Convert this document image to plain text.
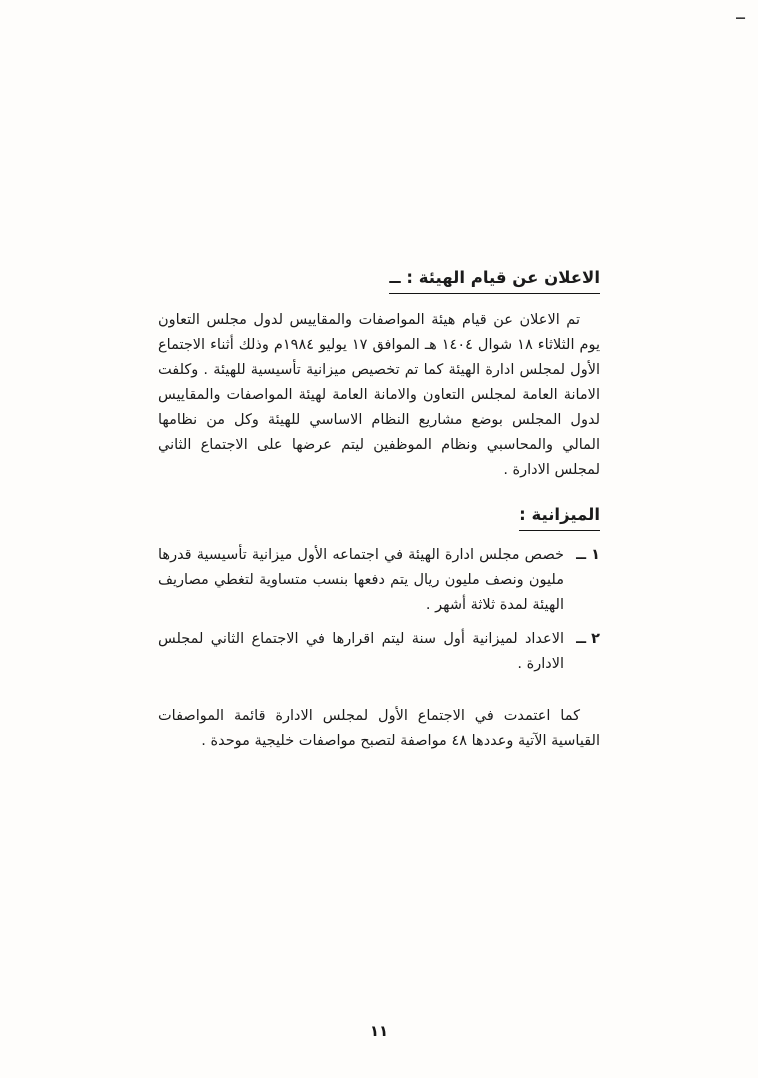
ــ
الاعلان عن قيام الهيئة : ــ

تم الاعلان عن قيام هيئة المواصفات والمقاييس لدول مجلس التعاون يوم الثلاثاء ١٨ شوال ١٤٠٤ هـ الموافق ١٧ يوليو ١٩٨٤م وذلك أثناء الاجتماع الأول لمجلس ادارة الهيئة كما تم تخصيص ميزانية تأسيسية للهيئة . وكلفت الامانة العامة لمجلس التعاون والامانة العامة لهيئة المواصفات والمقاييس لدول المجلس بوضع مشاريع النظام الاساسي للهيئة وكل من نظامها المالي والمحاسبي ونظام الموظفين ليتم عرضها على الاجتماع الثاني لمجلس الادارة .

الميزانية :
١ ــ
خصص مجلس ادارة الهيئة في اجتماعه الأول ميزانية تأسيسية قدرها مليون ونصف مليون ريال يتم دفعها بنسب متساوية لتغطي مصاريف الهيئة لمدة ثلاثة أشهر .
٢ ــ
الاعداد لميزانية أول سنة ليتم اقرارها في الاجتماع الثاني لمجلس الادارة .

كما اعتمدت في الاجتماع الأول لمجلس الادارة قائمة المواصفات القياسية الآتية وعددها ٤٨ مواصفة لتصبح مواصفات خليجية موحدة .

١١
